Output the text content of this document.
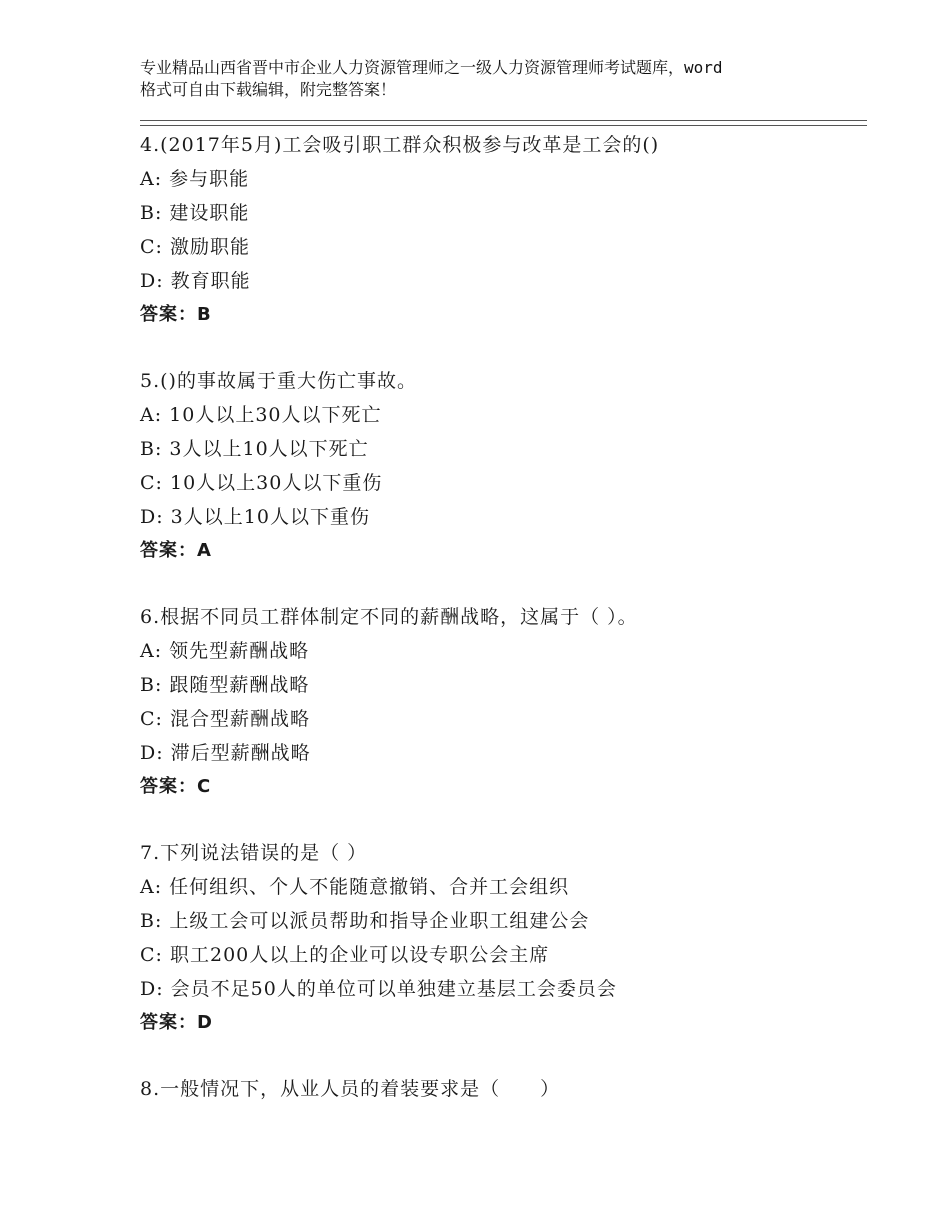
专业精品山西省晋中市企业人力资源管理师之一级人力资源管理师考试题库，word
格式可自由下载编辑，附完整答案！
4.(2017年5月)工会吸引职工群众积极参与改革是工会的()
A: 参与职能
B: 建设职能
C: 激励职能
D: 教育职能
答案：B
5.()的事故属于重大伤亡事故。
A: 10人以上30人以下死亡
B: 3人以上10人以下死亡
C: 10人以上30人以下重伤
D: 3人以上10人以下重伤
答案：A
6.根据不同员工群体制定不同的薪酬战略，这属于（ ）。
A: 领先型薪酬战略
B: 跟随型薪酬战略
C: 混合型薪酬战略
D: 滞后型薪酬战略
答案：C
7.下列说法错误的是（ ）
A: 任何组织、个人不能随意撤销、合并工会组织
B: 上级工会可以派员帮助和指导企业职工组建公会
C: 职工200人以上的企业可以设专职公会主席
D: 会员不足50人的单位可以单独建立基层工会委员会
答案：D
8.一般情况下，从业人员的着装要求是（　　）
